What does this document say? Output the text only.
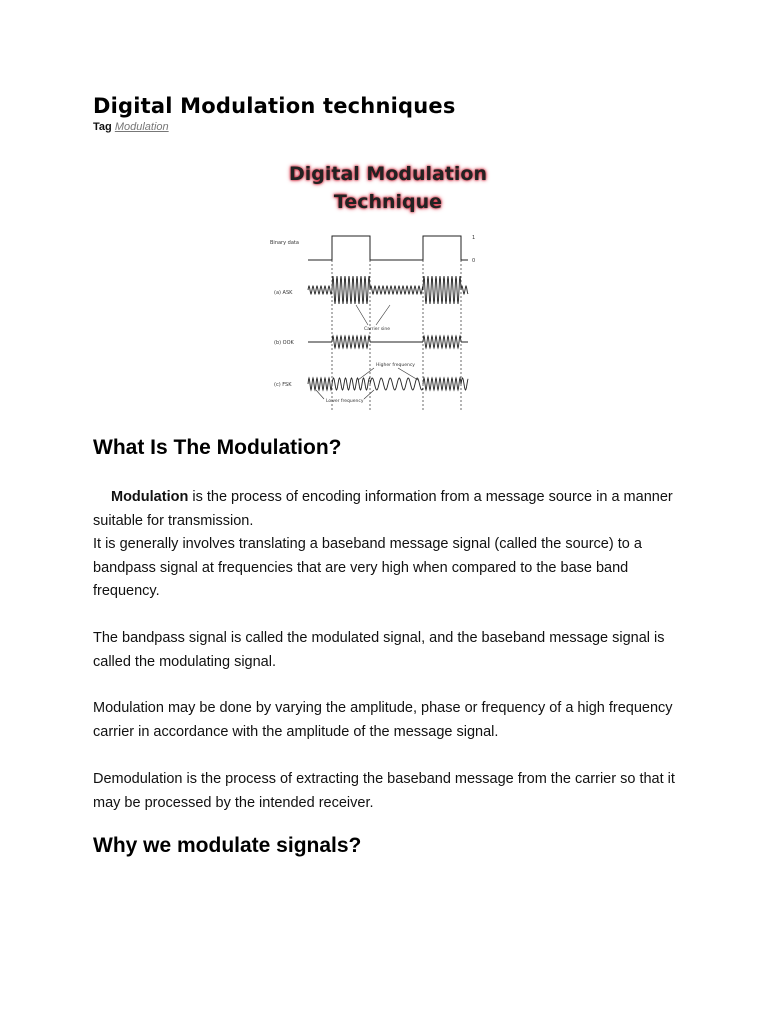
Digital Modulation techniques
Tag Modulation
Digital Modulation
Technique
Binary data
1
0
(a) ASK
Carrier sine
(b) OOK
(c) FSK
Higher frequency
Lower frequency
What Is The Modulation?
Modulation is the process of encoding information from a message source in a manner suitable for transmission.
It is generally involves translating a baseband message signal (called the source) to a bandpass signal at frequencies that are very high when compared to the base band frequency.
The bandpass signal is called the modulated signal, and the baseband message signal is called the modulating signal.
Modulation may be done by varying the amplitude, phase or frequency of a high frequency carrier in accordance with the amplitude of the message signal.
Demodulation is the process of extracting the baseband message from the carrier so that it may be processed by the intended receiver.
Why we modulate signals?
